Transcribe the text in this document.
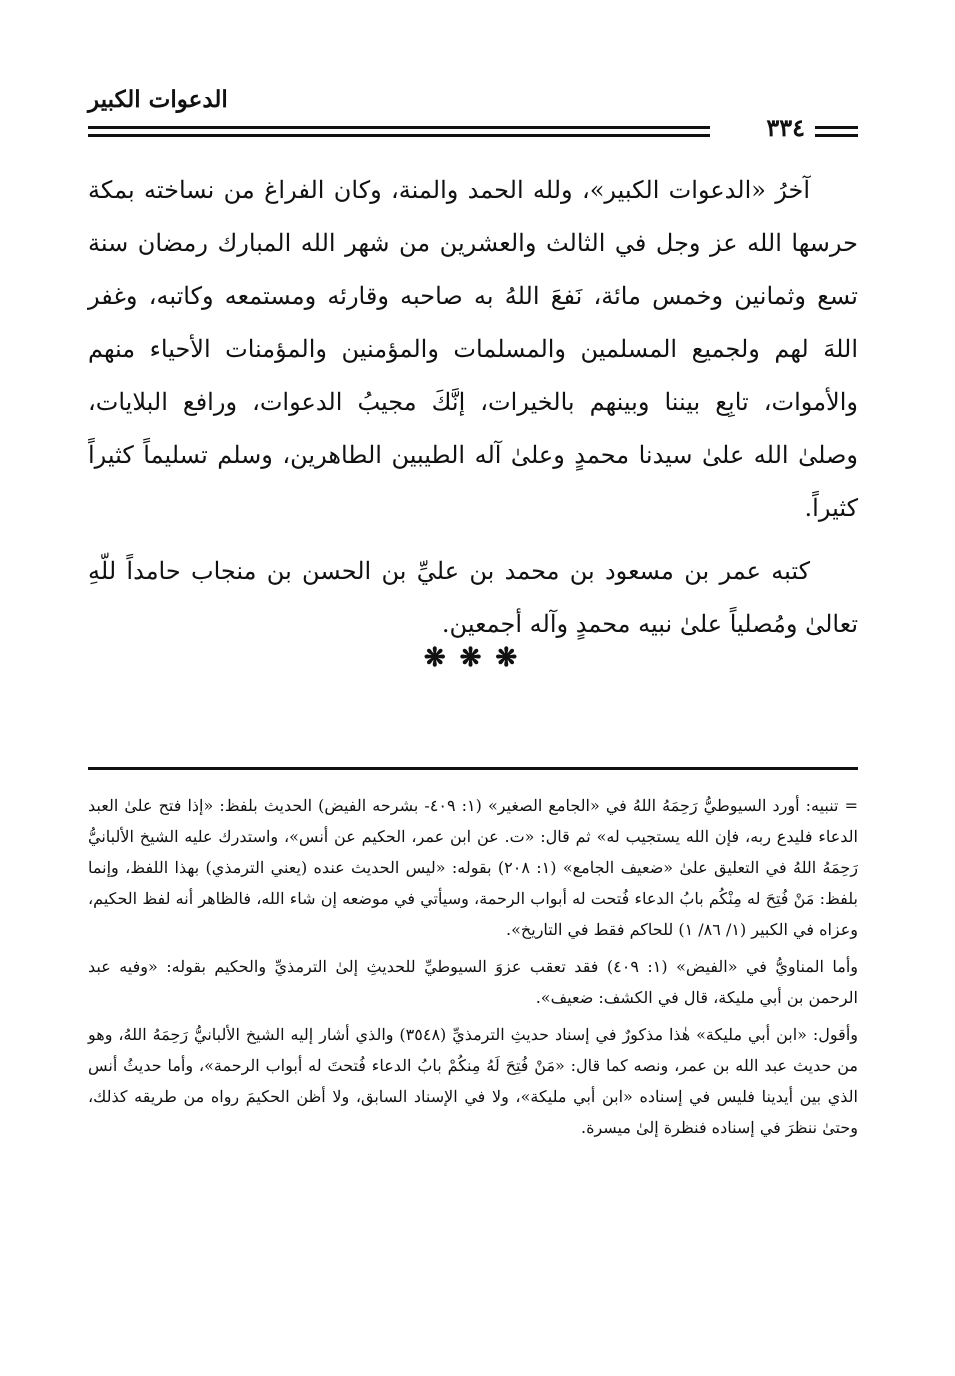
الدعوات الكبير
٣٣٤

آخرُ «الدعوات الكبير»، ولله الحمد والمنة، وكان الفراغ من نساخته بمكة حرسها الله عز وجل في الثالث والعشرين من شهر الله المبارك رمضان سنة تسع وثمانين وخمس مائة، نَفعَ اللهُ به صاحبه وقارئه ومستمعه وكاتبه، وغفر اللهَ لهم ولجميع المسلمين والمسلمات والمؤمنين والمؤمنات الأحياء منهم والأموات، تابِع بيننا وبينهم بالخيرات، إنَّكَ مجيبُ الدعوات، ورافع البلايات، وصلىٰ الله علىٰ سيدنا محمدٍ وعلىٰ آله الطيبين الطاهرين، وسلم تسليماً كثيراً كثيراً.

كتبه عمر بن مسعود بن محمد بن عليِّ بن الحسن بن منجاب حامداً للّهِ تعالىٰ ومُصلياً علىٰ نبيه محمدٍ وآله أجمعين.

❋❋❋

= تنبيه: أورد السيوطيُّ رَحِمَهُ اللهُ في «الجامع الصغير» (١: ٤٠٩- بشرحه الفيض) الحديث بلفظ: «إذا فتح علىٰ العبد الدعاء فليدع ربه، فإن الله يستجيب له» ثم قال: «ت. عن ابن عمر، الحكيم عن أنس»، واستدرك عليه الشيخ الألبانيُّ رَحِمَهُ اللهُ في التعليق علىٰ «ضعيف الجامع» (١: ٢٠٨) بقوله: «ليس الحديث عنده (يعني الترمذي) بهذا اللفظ، وإنما بلفظ: مَنْ فُتِحَ له مِنْكُم بابُ الدعاء فُتحت له أبواب الرحمة، وسيأتي في موضعه إن شاء الله، فالظاهر أنه لفظ الحكيم، وعزاه في الكبير (١/ ٨٦/ ١) للحاكم فقط في التاريخ».

وأما المناويُّ في «الفيض» (١: ٤٠٩) فقد تعقب عزوَ السيوطيِّ للحديثِ إلىٰ الترمذيِّ والحكيم بقوله: «وفيه عبد الرحمن بن أبي مليكة، قال في الكشف: ضعيف».

وأقول: «ابن أبي مليكة» هٰذا مذكورٌ في إسناد حديثِ الترمذيِّ (٣٥٤٨) والذي أشار إليه الشيخ الألبانيُّ رَحِمَهُ اللهُ، وهو من حديث عبد الله بن عمر، ونصه كما قال: «مَنْ فُتِحَ لَهُ مِنكُمْ بابُ الدعاء فُتحتَ له أبواب الرحمة»، وأما حديثُ أنس الذي بين أيدينا فليس في إسناده «ابن أبي مليكة»، ولا في الإسناد السابق، ولا أظن الحكيمَ رواه من طريقه كذلك، وحتىٰ ننظرَ في إسناده فنظرة إلىٰ ميسرة.
